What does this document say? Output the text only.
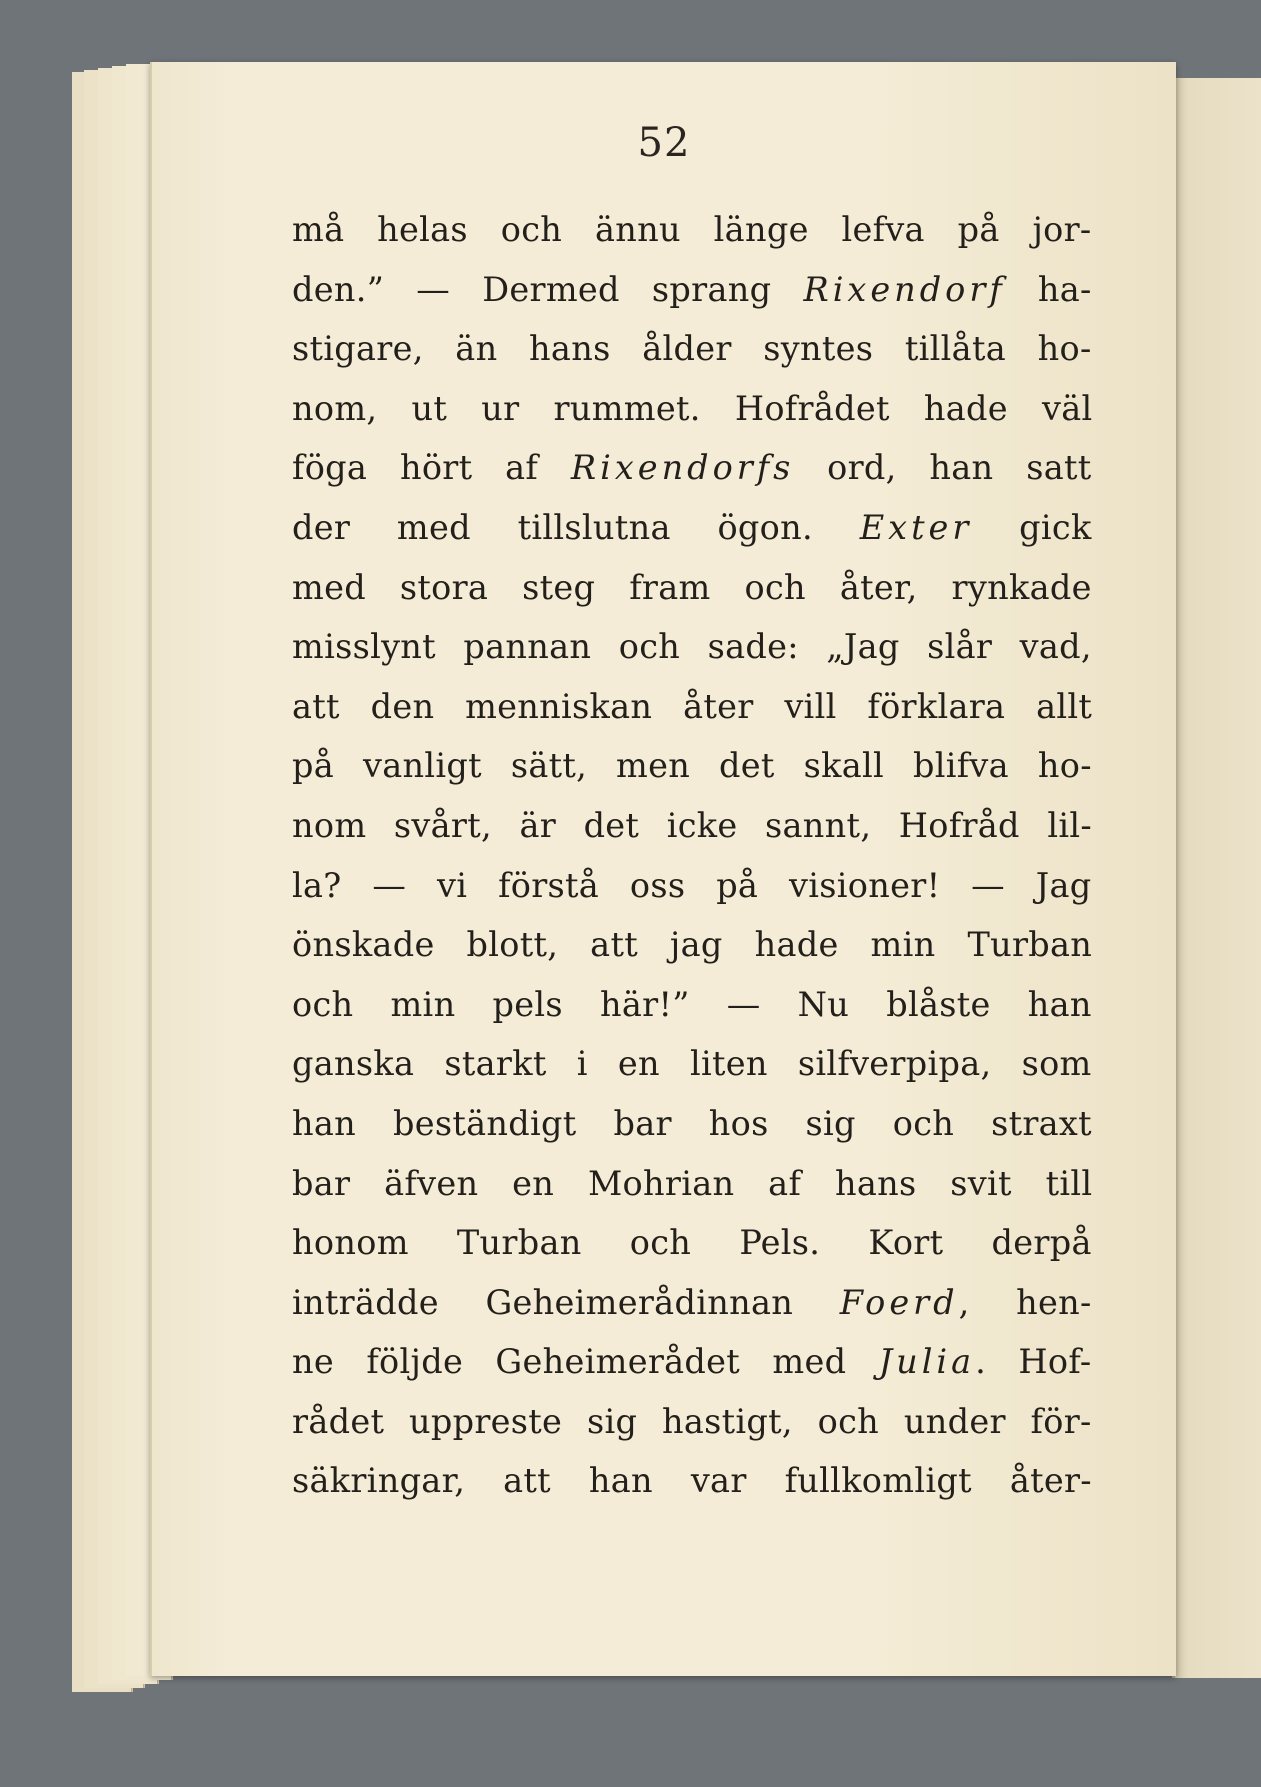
52
må helas och ännu länge lefva på jor-
den.” — Dermed sprang Rixendorf ha-
stigare, än hans ålder syntes tillåta ho-
nom, ut ur rummet. Hofrådet hade väl
föga hört af Rixendorfs ord, han satt
der med tillslutna ögon. Exter gick
med stora steg fram och åter, rynkade
misslynt pannan och sade: „Jag slår vad,
att den menniskan åter vill förklara allt
på vanligt sätt, men det skall blifva ho-
nom svårt, är det icke sannt, Hofråd lil-
la? — vi förstå oss på visioner! — Jag
önskade blott, att jag hade min Turban
och min pels här!” — Nu blåste han
ganska starkt i en liten silfverpipa, som
han beständigt bar hos sig och straxt
bar äfven en Mohrian af hans svit till
honom Turban och Pels. Kort derpå
inträdde Geheimerådinnan Foerd, hen-
ne följde Geheimerådet med Julia. Hof-
rådet uppreste sig hastigt, och under för-
säkringar, att han var fullkomligt åter-
